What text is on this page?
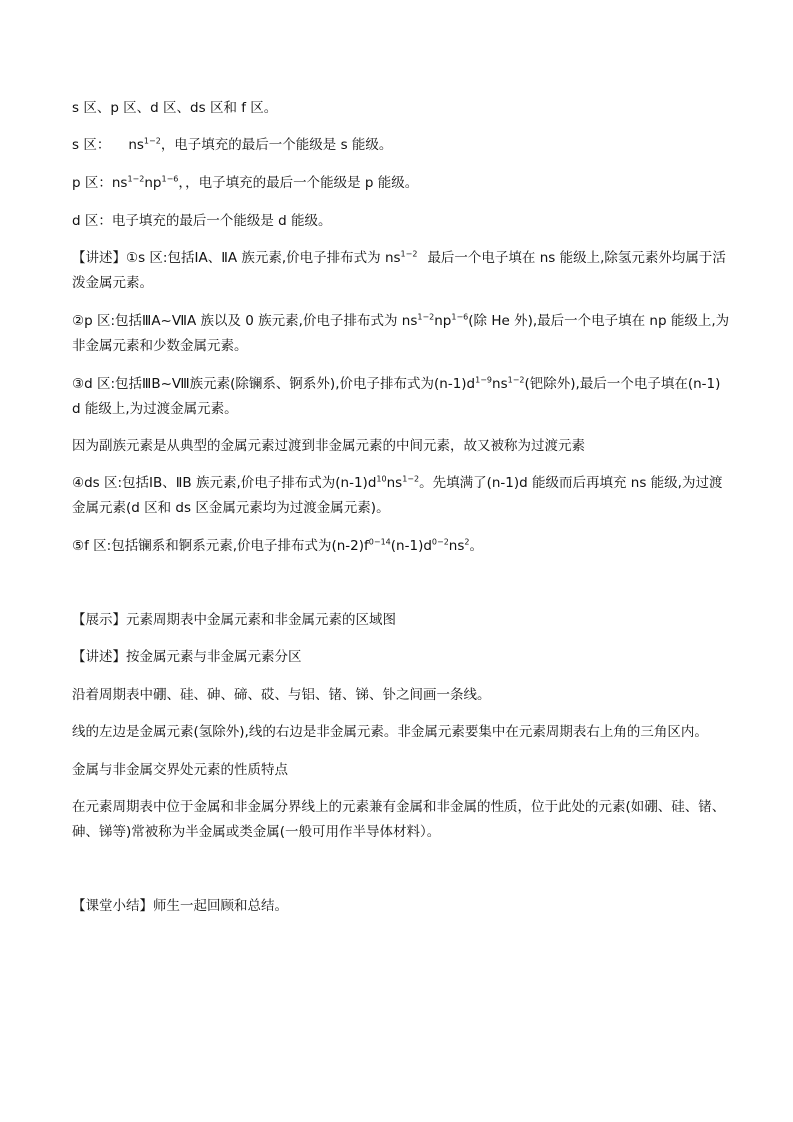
s 区、p 区、d 区、ds 区和 f 区。
s 区： $ns^{1-2}$，电子填充的最后一个能级是 s 能级。
p 区：$ns^{1-2}np^{1-6}$，，电子填充的最后一个能级是 p 能级。
d 区：电子填充的最后一个能级是 d 能级。
【讲述】①s 区:包括ⅠA、ⅡA 族元素,价电子排布式为 $ns^{1-2}$ 最后一个电子填在 ns 能级上,除氢元素外均属于活泼金属元素。
②p 区:包括ⅢA~ⅦA 族以及 0 族元素,价电子排布式为 $ns^{1-2}np^{1-6}$(除 He 外),最后一个电子填在 np 能级上,为非金属元素和少数金属元素。
③d 区:包括ⅢB~Ⅷ族元素(除镧系、锕系外),价电子排布式为$(n-1)d^{1-9}ns^{1-2}$(钯除外),最后一个电子填在(n-1) d 能级上,为过渡金属元素。
因为副族元素是从典型的金属元素过渡到非金属元素的中间元素，故又被称为过渡元素
④ds 区:包括ⅠB、ⅡB 族元素,价电子排布式为$(n-1)d^{10}ns^{1-2}$。先填满了(n-1)d 能级而后再填充 ns 能级,为过渡金属元素(d 区和 ds 区金属元素均为过渡金属元素)。
⑤f 区:包括镧系和锕系元素,价电子排布式为$(n-2)f^{0-14}(n-1)d^{0-2}ns^2$。
【展示】元素周期表中金属元素和非金属元素的区域图
【讲述】按金属元素与非金属元素分区
沿着周期表中硼、硅、砷、碲、砹、与铝、锗、锑、钋之间画一条线。
线的左边是金属元素(氢除外),线的右边是非金属元素。非金属元素要集中在元素周期表右上角的三角区内。
金属与非金属交界处元素的性质特点
在元素周期表中位于金属和非金属分界线上的元素兼有金属和非金属的性质，位于此处的元素(如硼、硅、锗、砷、锑等)常被称为半金属或类金属(一般可用作半导体材料）。
【课堂小结】师生一起回顾和总结。
